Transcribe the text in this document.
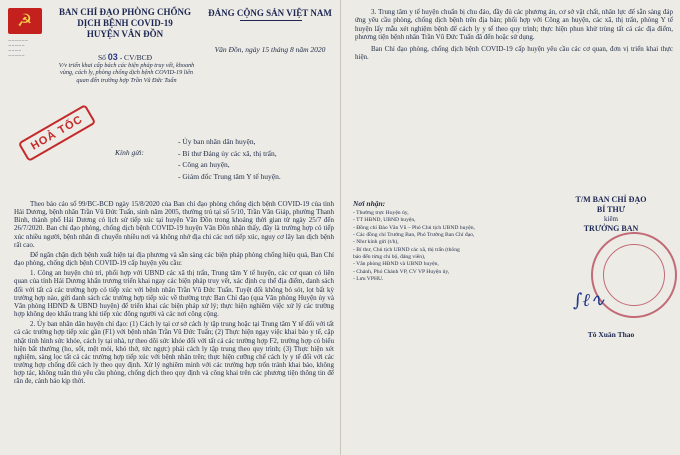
☭
∼∼∼∼∼∼
∼∼∼∼∼
∼∼∼∼
∼∼∼∼∼
BAN CHỈ ĐẠO PHÒNG CHỐNG
DỊCH BỆNH COVID-19
HUYỆN VÂN ĐỒN
ĐẢNG CỘNG SẢN VIỆT NAM
Vân Đồn, ngày 15 tháng 8 năm 2020
Số 03 - CV/BCĐ
V/v triển khai cấp bách các biện pháp truy vết, khoanh vùng, cách ly, phòng chống dịch bệnh COVID-19 liên quan đến trường hợp Trần Vũ Đức Tuấn
HOẢ TỐC	Kính gửi:
- Ủy ban nhân dân huyện,
- Bí thư Đảng ủy các xã, thị trấn,
- Công an huyện,
- Giám đốc Trung tâm Y tế huyện.

Theo báo cáo số 99/BC-BCĐ ngày 15/8/2020 của Ban chỉ đạo phòng chống dịch bệnh COVID-19 của tỉnh Hải Dương, bệnh nhân Trần Vũ Đức Tuấn, sinh năm 2005, thường trú tại số 5/10, Trần Văn Giáp, phường Thanh Bình, thành phố Hải Dương có lịch sử tiếp xúc tại huyện Vân Đồn trong khoảng thời gian từ ngày 25/7 đến 26/7/2020. Ban chỉ đạo phòng, chống dịch bệnh COVID-19 huyện Vân Đồn nhận thấy, đây là trường hợp có tiếp xúc nhiều người, bệnh nhân đi chuyển nhiều nơi và không nhớ địa chỉ các nơi tiếp xúc, nguy cơ lây lan dịch bệnh rất cao.

Để ngăn chặn dịch bệnh xuất hiện tại địa phương và sẵn sàng các biện pháp phòng chống hiệu quả, Ban Chỉ đạo phòng, chống dịch bệnh COVID-19 cấp huyện yêu cầu:

1. Công an huyện chủ trì, phối hợp với UBND các xã thị trấn, Trung tâm Y tế huyện, các cơ quan có liên quan của tỉnh Hải Dương khẩn trương triển khai ngay các biện pháp truy vết, xác định cụ thể địa điểm, danh sách đối với tất cả các trường hợp có tiếp xúc với bệnh nhân Trần Vũ Đức Tuấn. Tuyệt đối không bỏ sót, lọt bất kỳ trường hợp nào, gửi danh sách các trường hợp tiếp xúc về thường trực Ban Chỉ đạo (qua Văn phòng Huyện ủy và Văn phòng HĐND & UBND huyện) để triển khai các biện pháp xử lý; thực hiện nghiêm việc xử lý các trường hợp không dẹo khẩu trang khi tiếp xúc đông người và các nơi công cộng.

2. Ủy ban nhân dân huyện chỉ đạo: (1) Cách ly tại cơ sở cách ly tập trung hoặc tại Trung tâm Y tế đối với tất cả các trường hợp tiếp xúc gần (F1) với bệnh nhân Trần Vũ Đức Tuấn; (2) Thực hiện ngay việc khai báo y tế, cập nhật tình hình sức khỏe, cách ly tại nhà, tự theo dõi sức khỏe đối với tất cả các trường hợp F2, trường hợp có biểu hiện bất thường (ho, sốt, mệt mỏi, khó thở, tức ngực) phải cách ly tập trung theo quy trình; (3) Thực hiện xét nghiệm, sàng lọc tất cả các trường hợp tiếp xúc với bệnh nhân trên; thực hiện cưỡng chế cách ly y tế đối với các trường hợp chống đối cách ly theo quy định. Xử lý nghiêm minh với các trường hợp trốn tránh khai báo, không hợp tác, không tuân thủ yêu cầu phòng, chống dịch theo quy định và công khai trên các phương tiện thông tin để răn đe, cảnh báo kịp thời.

3. Trung tâm y tế huyện chuẩn bị chu đáo, đầy đủ các phương án, cơ sở vật chất, nhân lực để sẵn sàng đáp ứng yêu cầu phòng, chống dịch bệnh trên địa bàn; phối hợp với Công an huyện, các xã, thị trấn, phòng Y tế huyện lấy mẫu xét nghiệm bệnh để cách ly y tế theo quy trình; thực hiện phun khử trùng tất cả các địa điểm, phương tiện bệnh nhân Trần Vũ Đức Tuấn đã đến hoặc sử dụng.

Ban Chỉ đạo phòng, chống dịch bệnh COVID-19 cấp huyện yêu cầu các cơ quan, đơn vị triển khai thực hiện.

Nơi nhận:
- Thường trực Huyện ủy,
- TT HĐND, UBND huyện,
- Đồng chí Đào Văn Vũ – Phó Chủ tịch UBND huyện,
- Các đồng chí Trưởng Ban, Phó Trưởng Ban Chỉ đạo,
- Như kính gửi (t/h),
- Bí thư, Chủ tịch UBND các xã, thị trấn (thông
báo đến từng chi bộ, đảng viên),
- Văn phòng HĐND và UBND huyện,
- Chánh, Phó Chánh VP, CV VP Huyện ủy,
- Lưu VPHU.
T/M BAN CHỈ ĐẠO
BÍ THƯ
kiêm
TRƯỞNG BAN
∫ℓ∿
Tô Xuân Thao
